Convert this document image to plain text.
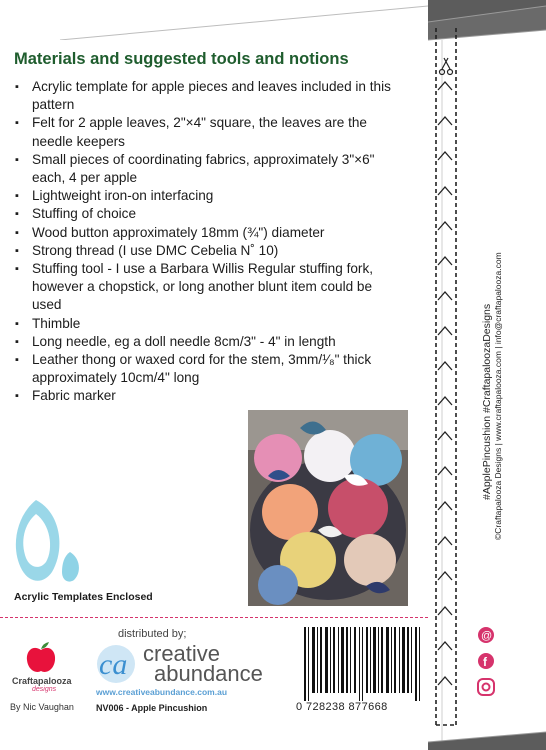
Materials and suggested tools and notions
▪ Acrylic template for apple pieces and leaves included in this pattern
▪ Felt for 2 apple leaves, 2"×4" square, the leaves are the needle keepers
▪ Small pieces of coordinating fabrics, approximately 3"×6" each, 4 per apple
▪ Lightweight iron-on interfacing
▪ Stuffing of choice
▪ Wood button approximately 18mm (¾") diameter
▪ Strong thread (I use DMC Cebelia N˚ 10)
▪ Stuffing tool - I use a Barbara Willis Regular stuffing fork, however a chopstick, or long another blunt item could be used
▪ Thimble
▪ Long needle, eg a doll needle 8cm/3" - 4" in length
▪ Leather thong or waxed cord for the stem, 3mm/¹⁄₈" thick approximately 10cm/4" long
▪ Fabric marker
Acrylic Templates Enclosed
Craftapalooza
designs
By Nic Vaughan
distributed by;
ca creative
abundance
www.creativeabundance.com.au
NV006 - Apple Pincushion	0 728238 877668
#ApplePincushion #CraftapaloozaDesigns ©Craftapalooza Designs | www.craftapalooza.com | info@craftapalooza.com
@
f
